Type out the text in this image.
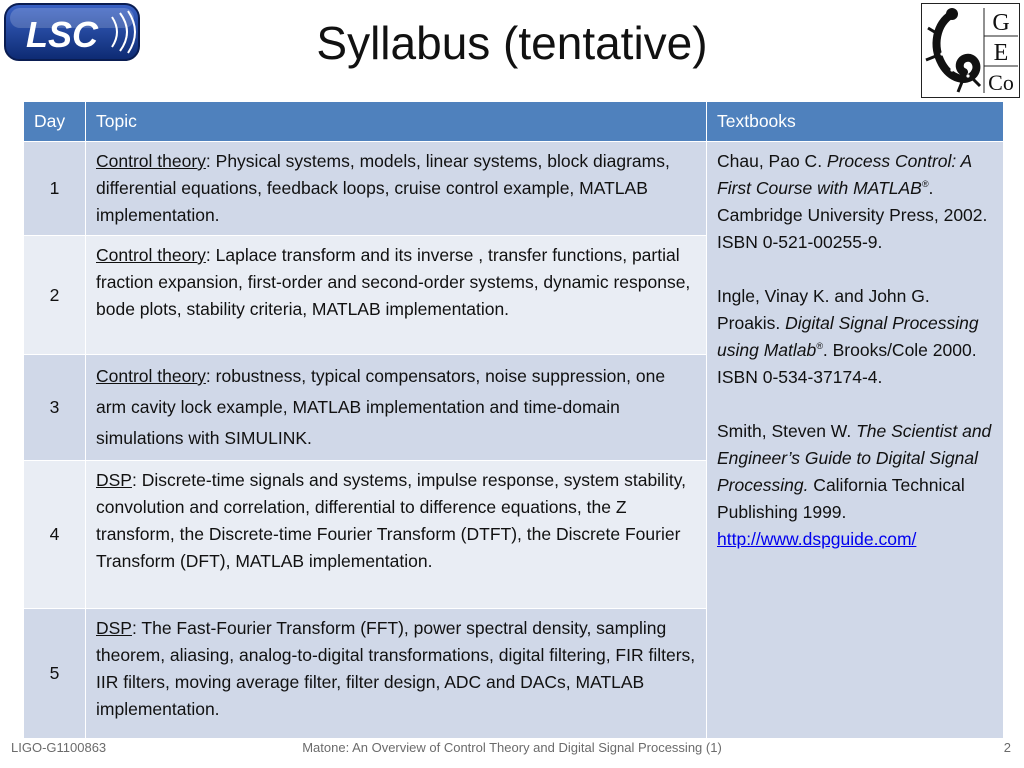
LSC	Syllabus (tentative)	G
E
Co
Day	Topic	Textbooks
1	Control theory: Physical systems, models, linear systems, block diagrams, differential equations, feedback loops, cruise control example, MATLAB implementation.	Chau, Pao C. Process Control: A First Course with MATLAB®. Cambridge University Press, 2002. ISBN 0-521-00255-9.
Ingle, Vinay K. and John G. Proakis. Digital Signal Processing using Matlab®. Brooks/Cole 2000. ISBN 0-534-37174-4.
Smith, Steven W. The Scientist and Engineer’s Guide to Digital Signal Processing. California Technical Publishing 1999.
http://www.dspguide.com/

2	Control theory: Laplace transform and its inverse , transfer functions, partial fraction expansion, first-order and second-order systems, dynamic response, bode plots, stability criteria, MATLAB implementation.	
3	Control theory: robustness, typical compensators, noise suppression, one arm cavity lock example, MATLAB implementation and time-domain simulations with SIMULINK.	
4	DSP: Discrete-time signals and systems, impulse response, system stability, convolution and correlation, differential to difference equations, the Z transform, the Discrete-time Fourier Transform (DTFT), the Discrete Fourier Transform (DFT), MATLAB implementation.	
5	DSP: The Fast-Fourier Transform (FFT), power spectral density, sampling theorem, aliasing, analog-to-digital transformations, digital filtering, FIR filters, IIR filters, moving average filter, filter design, ADC and DACs, MATLAB implementation.	
Matone: An Overview of Control Theory and Digital Signal Processing (1)
LIGO-G1100863	2
